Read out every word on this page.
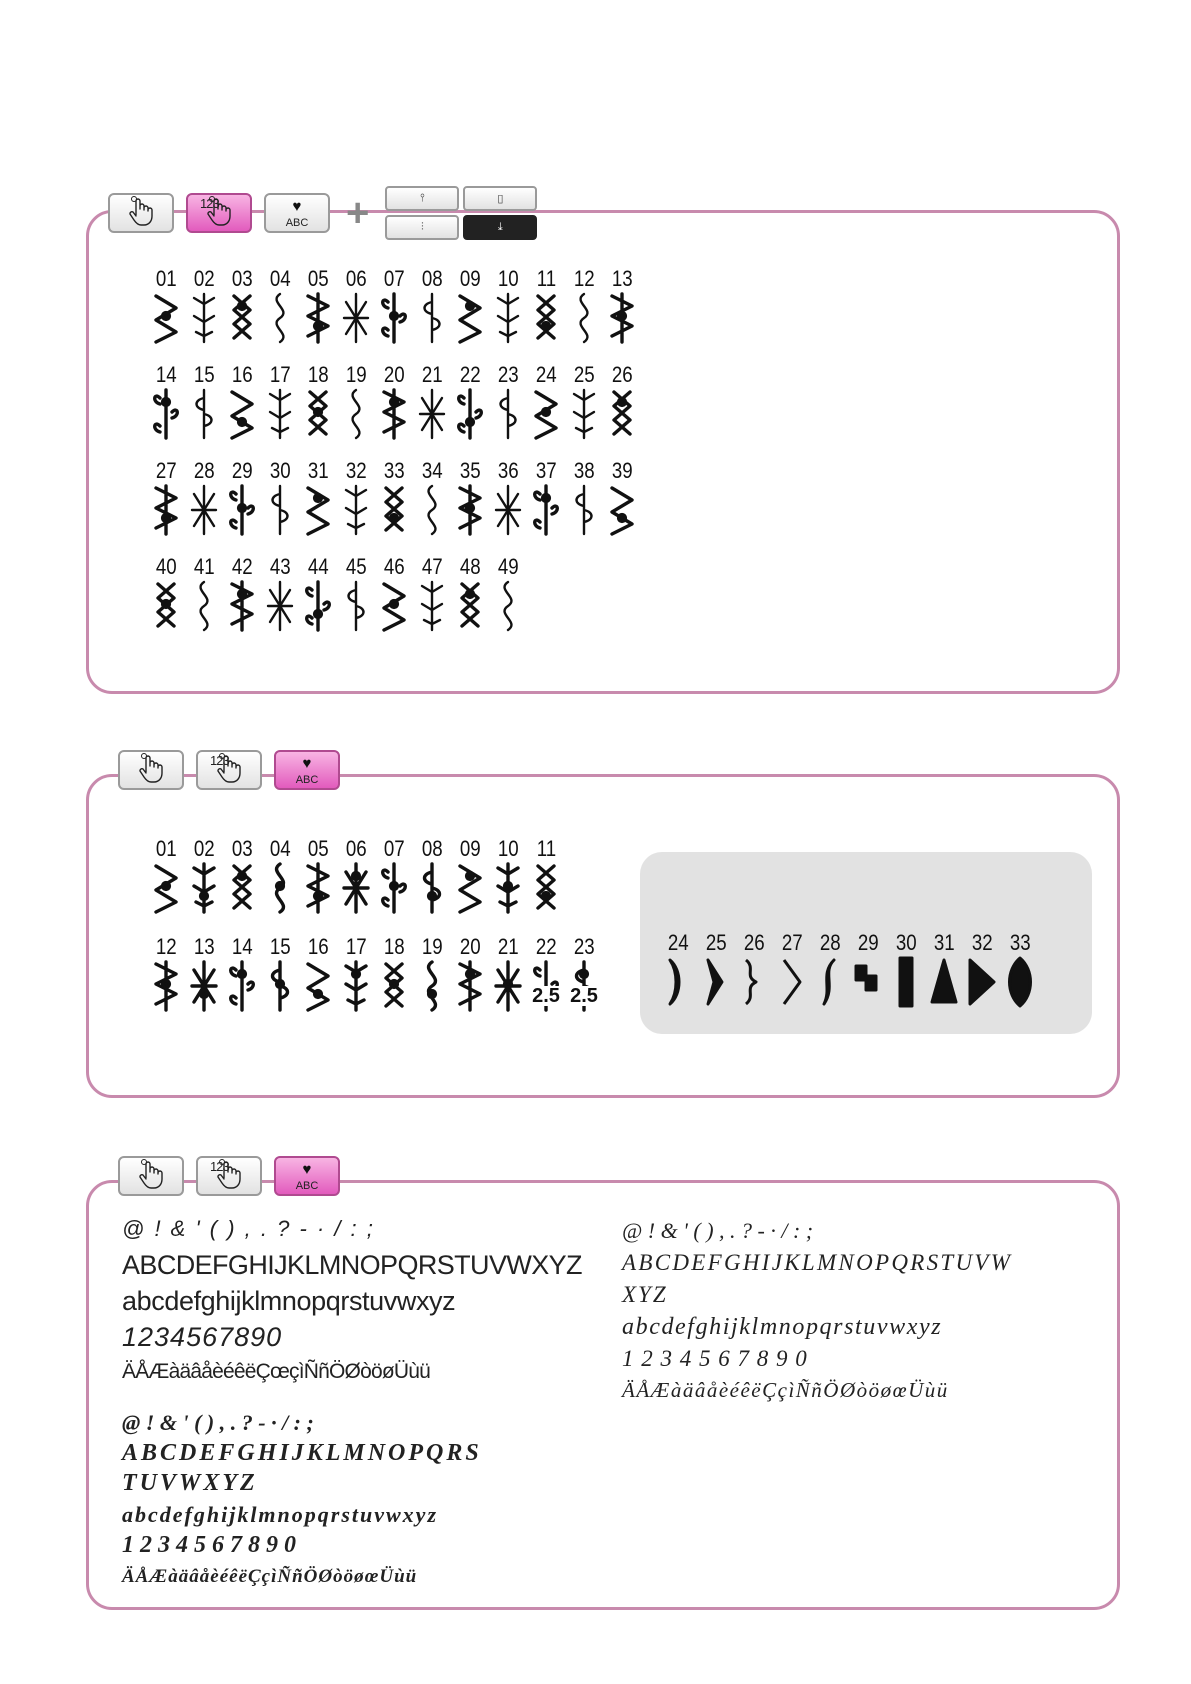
123	♥
ABC +	⫯	▯
⫶	⤓
01 02 03 04 05 06 07 08 09 10 11 12 13
14 15 16 17 18 19 20 21 22 23 24 25 26
27 28 29 30 31 32 33 34 35 36 37 38 39
40 41 42 43 44 45 46 47 48 49
123	♥
ABC
01 02 03 04 05 06 07 08 09 10 11
12 13 14 15 16 17 18 19 20 21 22
2.5
23
2.5
24 25 26 27 28 29 30 31 32 33
123	♥
ABC
@ ! & ' ( ) , . ? - · / : ;
ABCDEFGHIJKLMNOPQRSTUVWXYZ
abcdefghijklmnopqrstuvwxyz
1234567890
ÄÅÆàäâåèéêëÇœçìÑñÖØòöøÜùü
@ ! & ' ( ) , . ? - · / : ;
ABCDEFGHIJKLMNOPQRS
TUVWXYZ
abcdefghijklmnopqrstuvwxyz
1 2 3 4 5 6 7 8 9 0
ÄÅÆàäâåèéêëÇçìÑñÖØòöøœÜùü
@ ! & ' ( ) , . ? - · / : ;
ABCDEFGHIJKLMNOPQRSTUVW
XYZ
abcdefghijklmnopqrstuvwxyz
1 2 3 4 5 6 7 8 9 0
ÄÅÆàäâåèéêëÇçìÑñÖØòöøœÜùü
